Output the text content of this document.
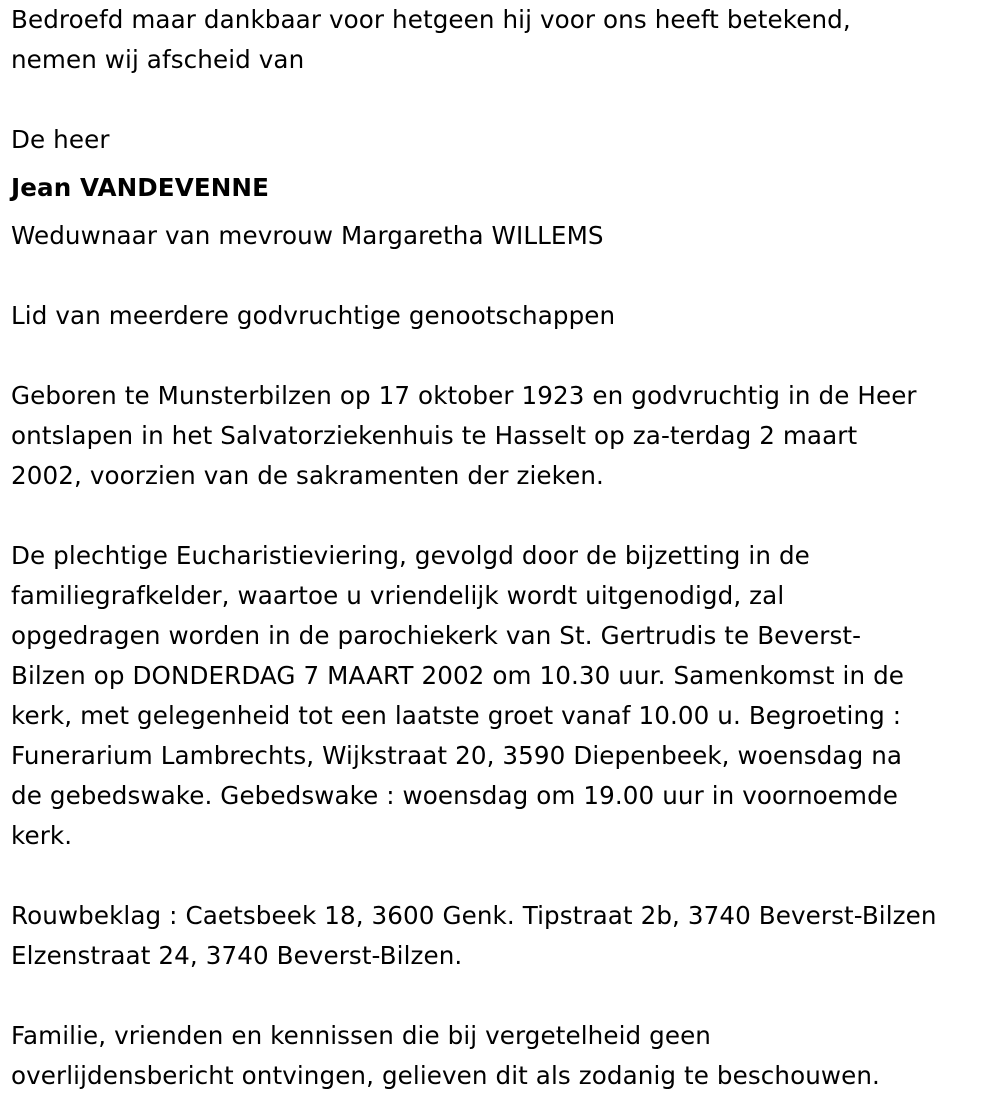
Bedroefd maar dankbaar voor hetgeen hij voor ons heeft betekend,
nemen wij afscheid van
De heer
Jean VANDEVENNE
Weduwnaar van mevrouw Margaretha WILLEMS
Lid van meerdere godvruchtige genootschappen
Geboren te Munsterbilzen op 17 oktober 1923 en godvruchtig in de Heer
ontslapen in het Salvatorziekenhuis te Hasselt op za-terdag 2 maart
2002, voorzien van de sakramenten der zieken.
De plechtige Eucharistieviering, gevolgd door de bijzetting in de
familiegrafkelder, waartoe u vriendelijk wordt uitgenodigd, zal
opgedragen worden in de parochiekerk van St. Gertrudis te Beverst-
Bilzen op DONDERDAG 7 MAART 2002 om 10.30 uur. Samenkomst in de
kerk, met gelegenheid tot een laatste groet vanaf 10.00 u. Begroeting :
Funerarium Lambrechts, Wijkstraat 20, 3590 Diepenbeek, woensdag na
de gebedswake. Gebedswake : woensdag om 19.00 uur in voornoemde
kerk.
Rouwbeklag : Caetsbeek 18, 3600 Genk. Tipstraat 2b, 3740 Beverst-Bilzen
Elzenstraat 24, 3740 Beverst-Bilzen.
Familie, vrienden en kennissen die bij vergetelheid geen
overlijdensbericht ontvingen, gelieven dit als zodanig te beschouwen.
